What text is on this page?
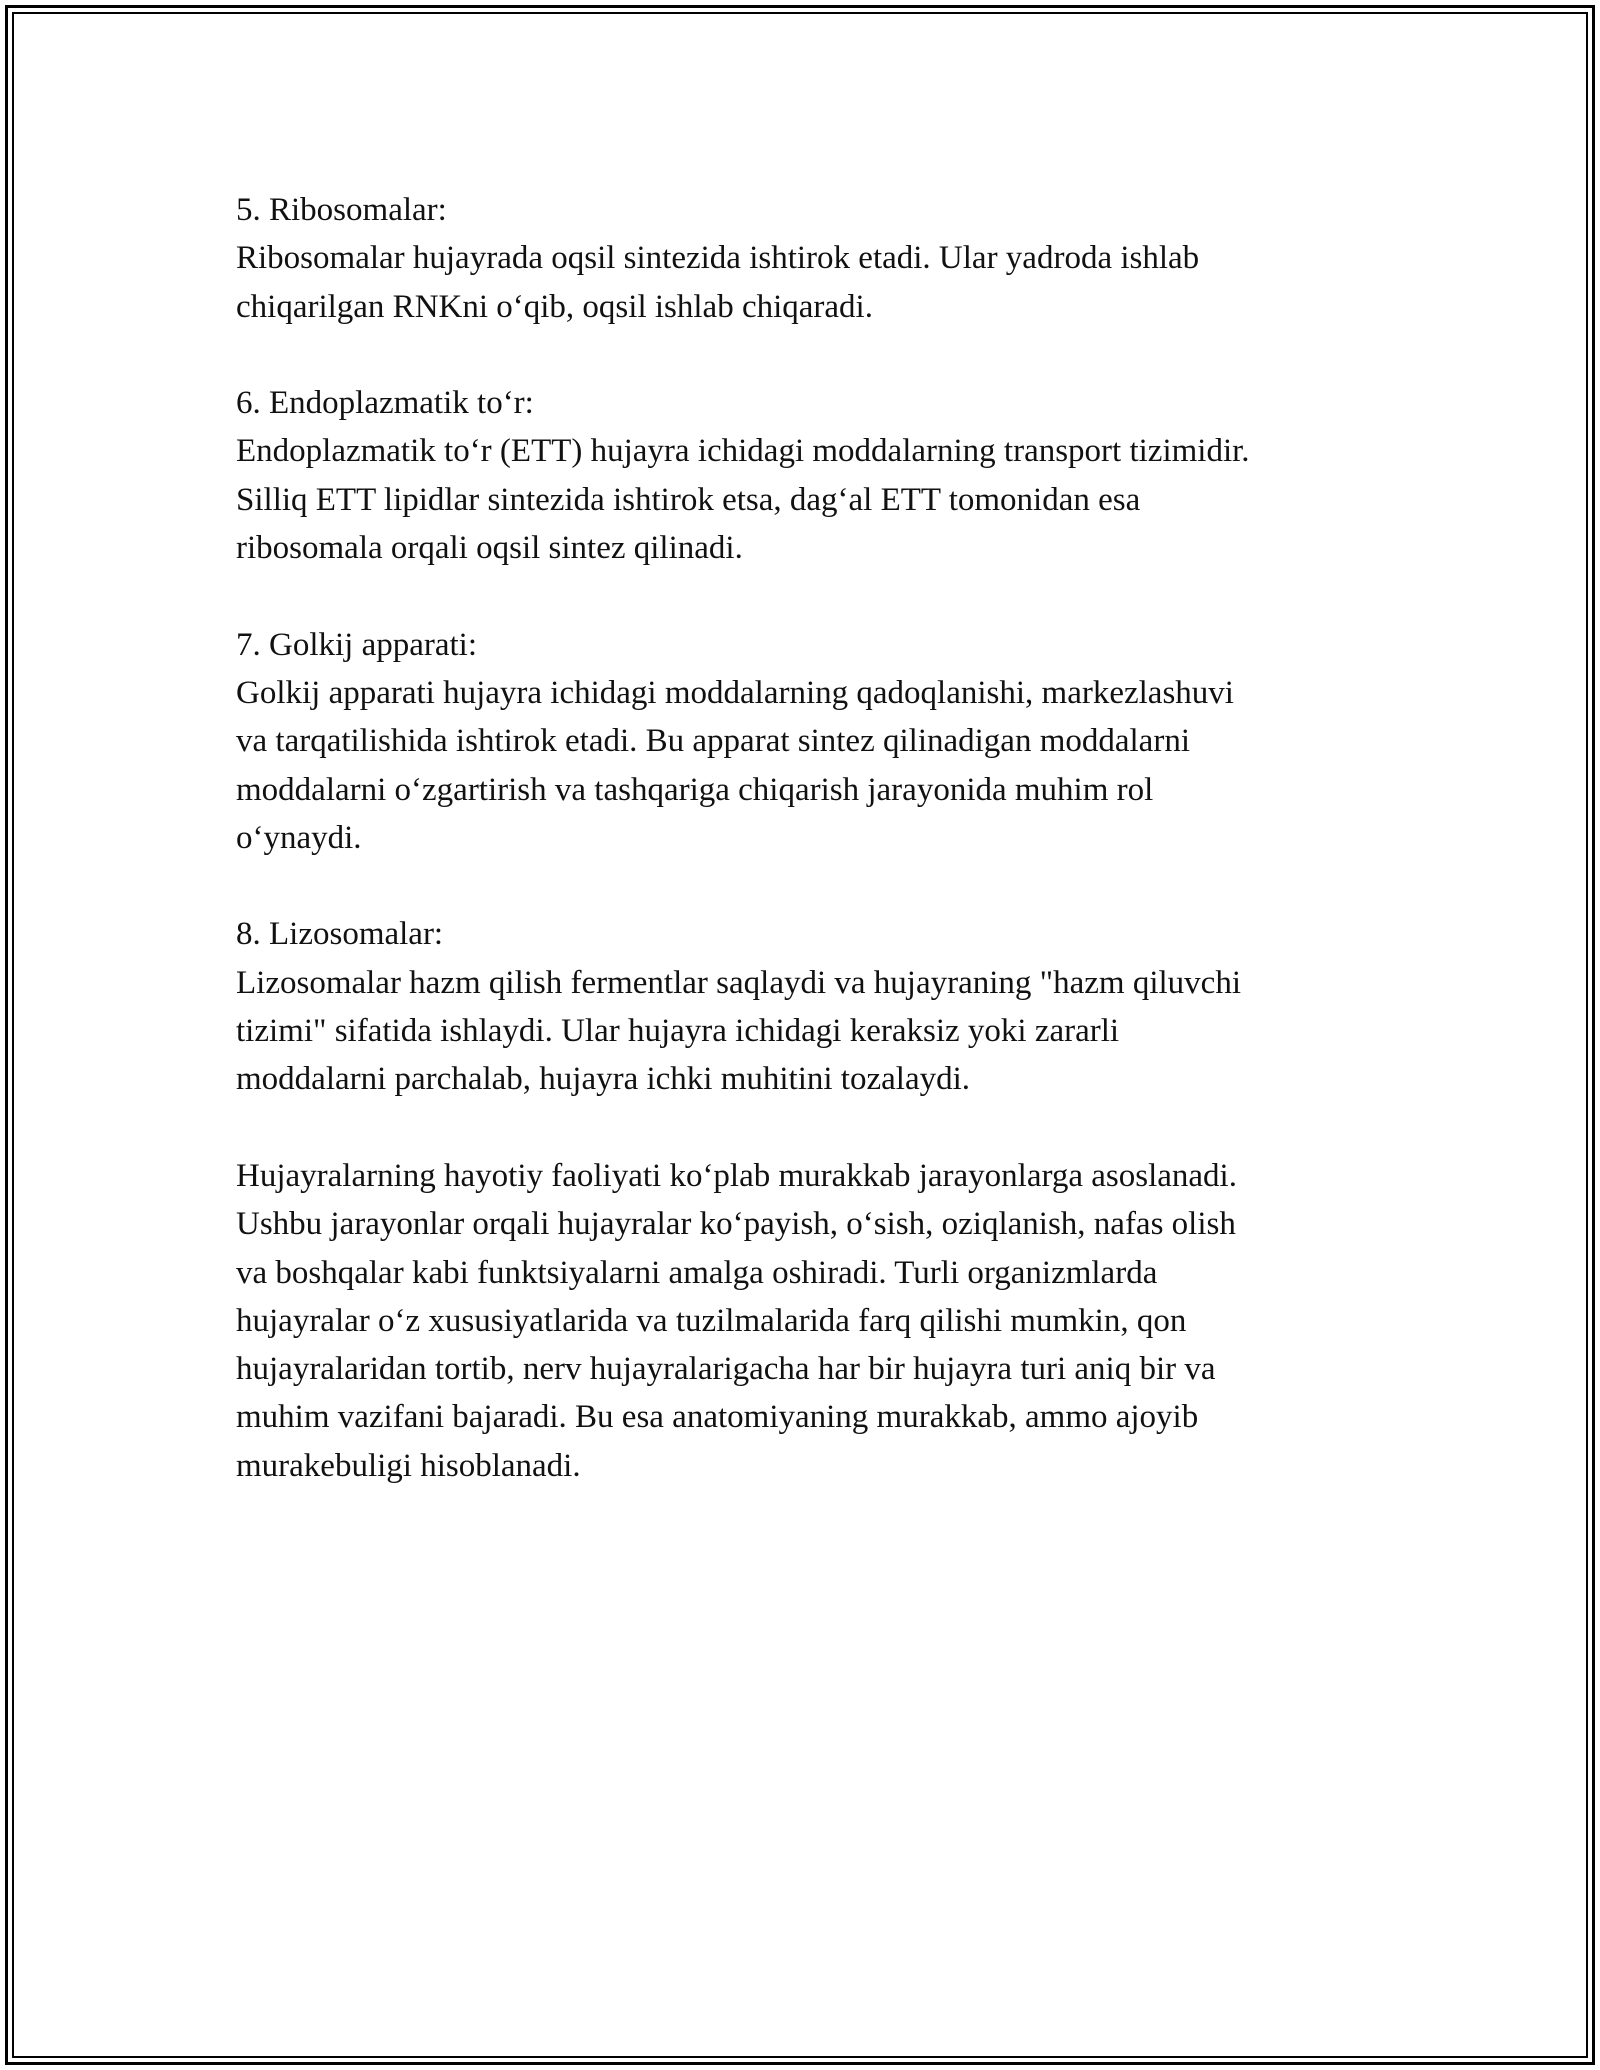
5. Ribosomalar:
Ribosomalar hujayrada oqsil sintezida ishtirok etadi. Ular yadroda ishlab
chiqarilgan RNKni o‘qib, oqsil ishlab chiqaradi.
6. Endoplazmatik to‘r:
Endoplazmatik to‘r (ETT) hujayra ichidagi moddalarning transport tizimidir.
Silliq ETT lipidlar sintezida ishtirok etsa, dag‘al ETT tomonidan esa
ribosomala orqali oqsil sintez qilinadi.
7. Golkij apparati:
Golkij apparati hujayra ichidagi moddalarning qadoqlanishi, markezlashuvi
va tarqatilishida ishtirok etadi. Bu apparat sintez qilinadigan moddalarni
moddalarni o‘zgartirish va tashqariga chiqarish jarayonida muhim rol
o‘ynaydi.
8. Lizosomalar:
Lizosomalar hazm qilish fermentlar saqlaydi va hujayraning "hazm qiluvchi
tizimi" sifatida ishlaydi. Ular hujayra ichidagi keraksiz yoki zararli
moddalarni parchalab, hujayra ichki muhitini tozalaydi.
Hujayralarning hayotiy faoliyati ko‘plab murakkab jarayonlarga asoslanadi.
Ushbu jarayonlar orqali hujayralar ko‘payish, o‘sish, oziqlanish, nafas olish
va boshqalar kabi funktsiyalarni amalga oshiradi. Turli organizmlarda
hujayralar o‘z xususiyatlarida va tuzilmalarida farq qilishi mumkin, qon
hujayralaridan tortib, nerv hujayralarigacha har bir hujayra turi aniq bir va
muhim vazifani bajaradi. Bu esa anatomiyaning murakkab, ammo ajoyib
murakebuligi hisoblanadi.
